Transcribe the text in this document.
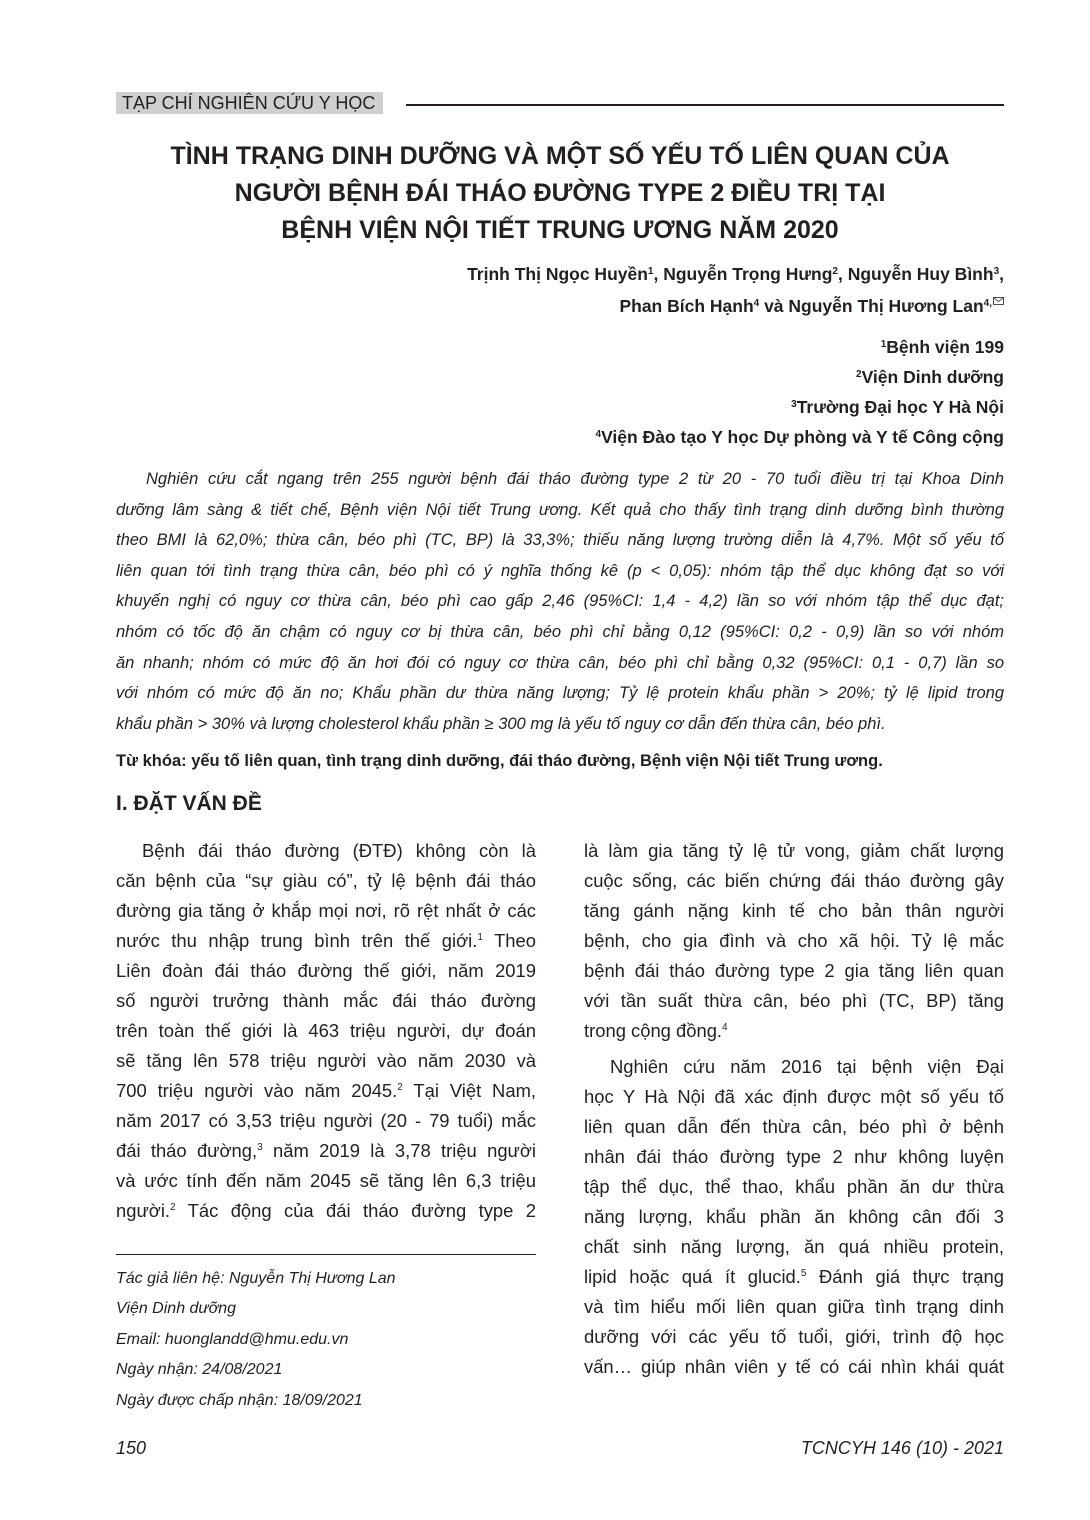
TẠP CHÍ NGHIÊN CỨU Y HỌC
TÌNH TRẠNG DINH DƯỠNG VÀ MỘT SỐ YẾU TỐ LIÊN QUAN CỦA
NGƯỜI BỆNH ĐÁI THÁO ĐƯỜNG TYPE 2 ĐIỀU TRỊ TẠI
BỆNH VIỆN NỘI TIẾT TRUNG ƯƠNG NĂM 2020
Trịnh Thị Ngọc Huyền$^1$, Nguyễn Trọng Hưng$^2$, Nguyễn Huy Bình$^3$,
Phan Bích Hạnh$^4$ và Nguyễn Thị Hương Lan$^{4,}$
$^1$Bệnh viện 199
$^2$Viện Dinh dưỡng
$^3$Trường Đại học Y Hà Nội
$^4$Viện Đào tạo Y học Dự phòng và Y tế Công cộng
Nghiên cứu cắt ngang trên 255 người bệnh đái tháo đường type 2 từ 20 - 70 tuổi điều trị tại Khoa Dinh
dưỡng lâm sàng & tiết chế, Bệnh viện Nội tiết Trung ương. Kết quả cho thấy tình trạng dinh dưỡng bình thường
theo BMI là 62,0%; thừa cân, béo phì (TC, BP) là 33,3%; thiếu năng lượng trường diễn là 4,7%. Một số yếu tố
liên quan tới tình trạng thừa cân, béo phì có ý nghĩa thống kê (p < 0,05): nhóm tập thể dục không đạt so với
khuyến nghị có nguy cơ thừa cân, béo phì cao gấp 2,46 (95%CI: 1,4 - 4,2) lần so với nhóm tập thể dục đạt;
nhóm có tốc độ ăn chậm có nguy cơ bị thừa cân, béo phì chỉ bằng 0,12 (95%CI: 0,2 - 0,9) lần so với nhóm
ăn nhanh; nhóm có mức độ ăn hơi đói có nguy cơ thừa cân, béo phì chỉ bằng 0,32 (95%CI: 0,1 - 0,7) lần so
với nhóm có mức độ ăn no; Khẩu phần dư thừa năng lượng; Tỷ lệ protein khẩu phần > 20%; tỷ lệ lipid trong
khẩu phần > 30% và lượng cholesterol khẩu phần ≥ 300 mg là yếu tố nguy cơ dẫn đến thừa cân, béo phì.
Từ khóa: yếu tố liên quan, tình trạng dinh dưỡng, đái tháo đường, Bệnh viện Nội tiết Trung ương.
I. ĐẶT VẤN ĐỀ
Bệnh đái tháo đường (ĐTĐ) không còn là
căn bệnh của “sự giàu có”, tỷ lệ bệnh đái tháo
đường gia tăng ở khắp mọi nơi, rõ rệt nhất ở các
nước thu nhập trung bình trên thế giới.$^1$ Theo
Liên đoàn đái tháo đường thế giới, năm 2019
số người trưởng thành mắc đái tháo đường
trên toàn thế giới là 463 triệu người, dự đoán
sẽ tăng lên 578 triệu người vào năm 2030 và
700 triệu người vào năm 2045.$^2$ Tại Việt Nam,
năm 2017 có 3,53 triệu người (20 - 79 tuổi) mắc
đái tháo đường,$^3$ năm 2019 là 3,78 triệu người
và ước tính đến năm 2045 sẽ tăng lên 6,3 triệu
người.$^2$ Tác động của đái tháo đường type 2
là làm gia tăng tỷ lệ tử vong, giảm chất lượng
cuộc sống, các biến chứng đái tháo đường gây
tăng gánh nặng kinh tế cho bản thân người
bệnh, cho gia đình và cho xã hội. Tỷ lệ mắc
bệnh đái tháo đường type 2 gia tăng liên quan
với tần suất thừa cân, béo phì (TC, BP) tăng
trong cộng đồng.$^4$
Nghiên cứu năm 2016 tại bệnh viện Đại
học Y Hà Nội đã xác định được một số yếu tố
liên quan dẫn đến thừa cân, béo phì ở bệnh
nhân đái tháo đường type 2 như không luyện
tập thể dục, thể thao, khẩu phần ăn dư thừa
năng lượng, khẩu phần ăn không cân đối 3
chất sinh năng lượng, ăn quá nhiều protein,
lipid hoặc quá ít glucid.$^5$ Đánh giá thực trạng
và tìm hiểu mối liên quan giữa tình trạng dinh
dưỡng với các yếu tố tuổi, giới, trình độ học
vấn… giúp nhân viên y tế có cái nhìn khái quát
Tác giả liên hệ: Nguyễn Thị Hương Lan
Viện Dinh dưỡng
Email: huonglandd@hmu.edu.vn
Ngày nhận: 24/08/2021
Ngày được chấp nhận: 18/09/2021
150	TCNCYH 146 (10) - 2021
